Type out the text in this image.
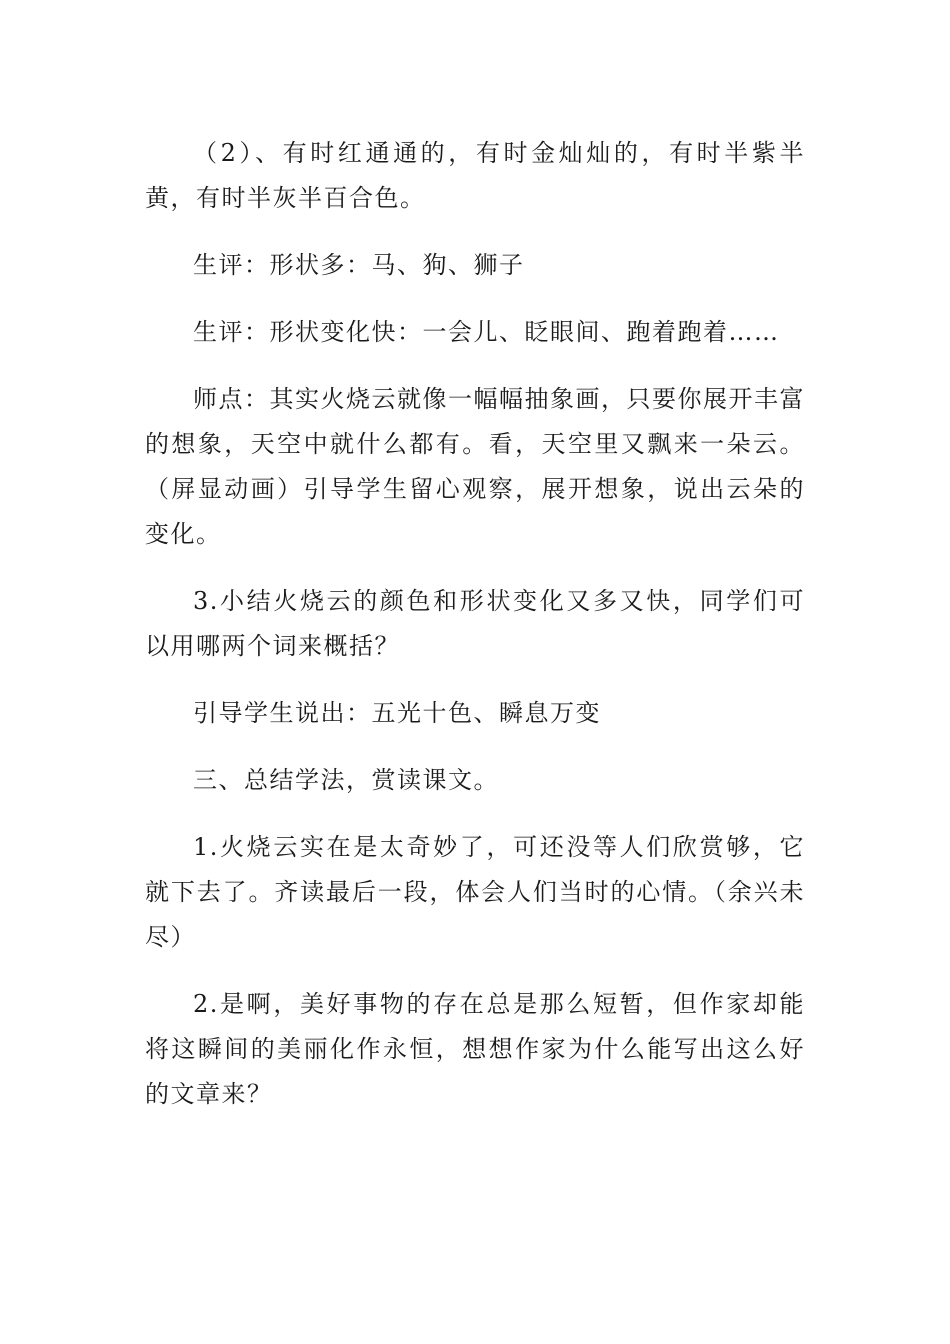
（2）、有时红通通的，有时金灿灿的，有时半紫半黄，有时半灰半百合色。

生评：形状多：马、狗、狮子

生评：形状变化快：一会儿、眨眼间、跑着跑着……

师点：其实火烧云就像一幅幅抽象画，只要你展开丰富的想象，天空中就什么都有。看，天空里又飘来一朵云。（屏显动画）引导学生留心观察，展开想象，说出云朵的变化。

3.小结火烧云的颜色和形状变化又多又快，同学们可以用哪两个词来概括？

引导学生说出：五光十色、瞬息万变

三、总结学法，赏读课文。

1.火烧云实在是太奇妙了，可还没等人们欣赏够，它就下去了。齐读最后一段，体会人们当时的心情。（余兴未尽）

2.是啊，美好事物的存在总是那么短暂，但作家却能将这瞬间的美丽化作永恒，想想作家为什么能写出这么好的文章来？
